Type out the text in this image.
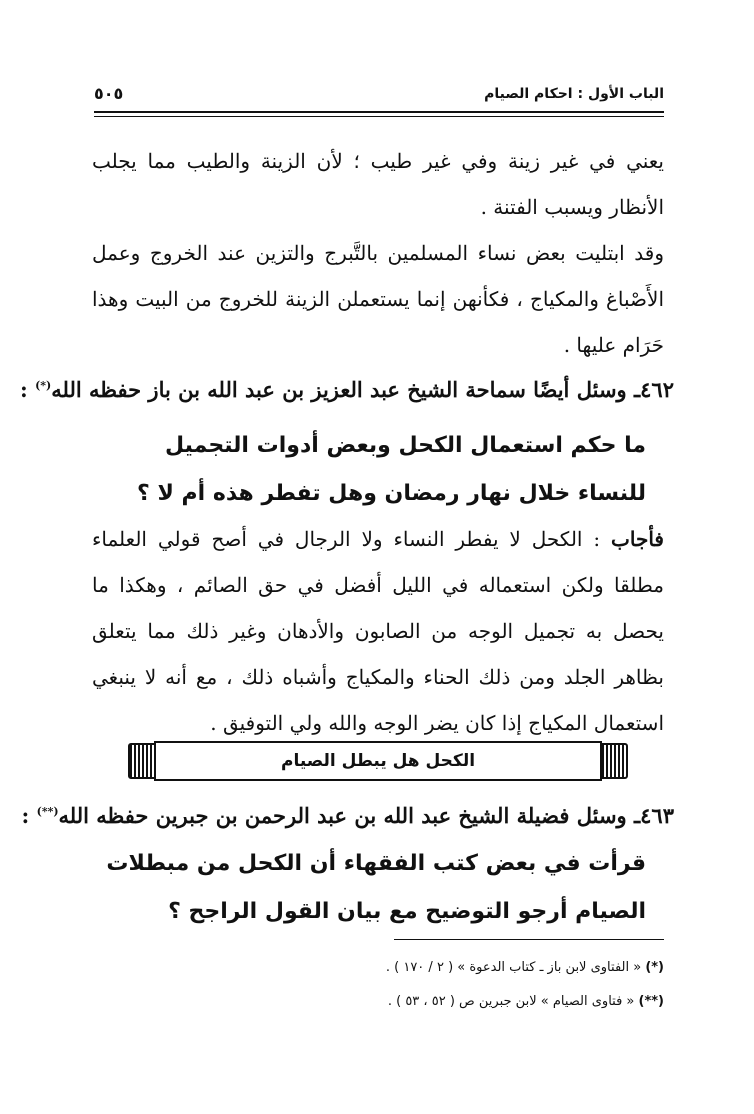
الباب الأول : احكام الصيام
٥٠٥
يعني في غير زينة وفي غير طيب ؛ لأن الزينة والطيب مما يجلب الأنظار ويسبب الفتنة .
وقد ابتليت بعض نساء المسلمين بالتَّبرج والتزين عند الخروج وعمل الأَصْباغ والمكياج ، فكأنهن إنما يستعملن الزينة للخروج من البيت وهذا حَرَام عليها .
٤٦٢ـ وسئل أيضًا سماحة الشيخ عبد العزيز بن عبد الله بن باز حفظه الله(*) :
ما حكم استعمال الكحل وبعض أدوات التجميل للنساء خلال نهار رمضان وهل تفطر هذه أم لا ؟
فأجاب : الكحل لا يفطر النساء ولا الرجال في أصح قولي العلماء مطلقا ولكن استعماله في الليل أفضل في حق الصائم ، وهكذا ما يحصل به تجميل الوجه من الصابون والأدهان وغير ذلك مما يتعلق بظاهر الجلد ومن ذلك الحناء والمكياج وأشباه ذلك ، مع أنه لا ينبغي استعمال المكياج إذا كان يضر الوجه والله ولي التوفيق .
الكحل هل يبطل الصيام
٤٦٣ـ وسئل فضيلة الشيخ عبد الله بن عبد الرحمن بن جبرين حفظه الله(**) :
قرأت في بعض كتب الفقهاء أن الكحل من مبطلات الصيام أرجو التوضيح مع بيان القول الراجح ؟
(*) « الفتاوى لابن باز ـ كتاب الدعوة » ( ٢ / ١٧٠ ) .
(**) « فتاوى الصيام » لابن جبرين ص ( ٥٢ ، ٥٣ ) .
